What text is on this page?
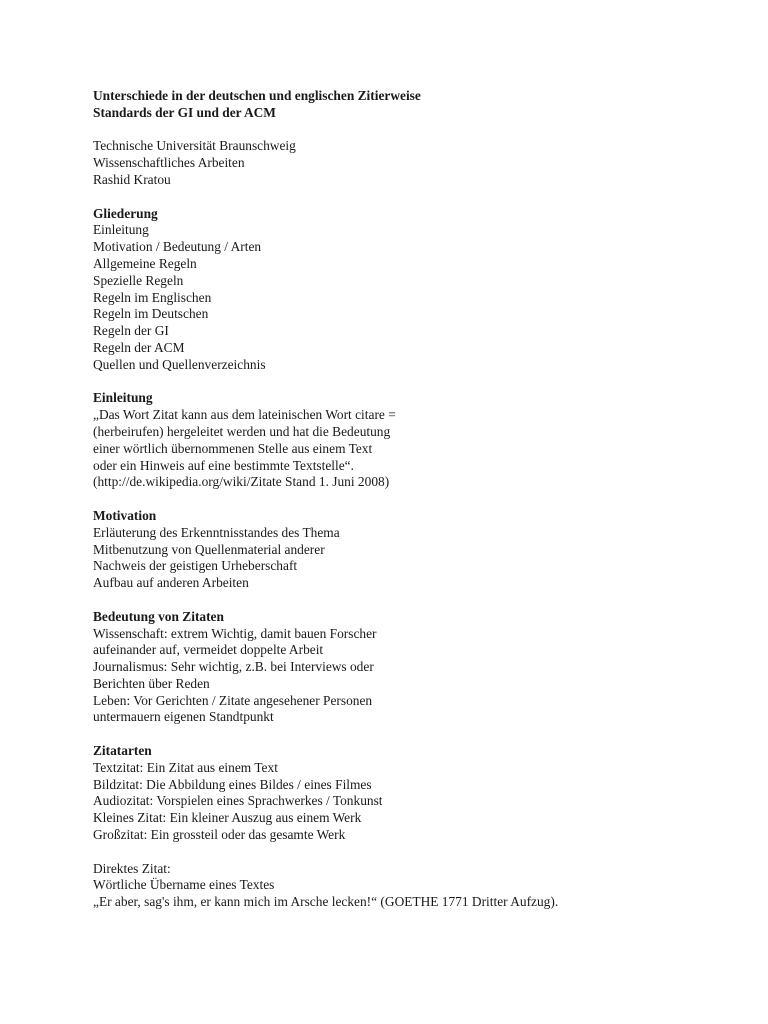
Unterschiede in der deutschen und englischen Zitierweise
Standards der GI und der ACM
Technische Universität Braunschweig
Wissenschaftliches Arbeiten
Rashid Kratou
Gliederung
Einleitung
Motivation / Bedeutung / Arten
Allgemeine Regeln
Spezielle Regeln
Regeln im Englischen
Regeln im Deutschen
Regeln der GI
Regeln der ACM
Quellen und Quellenverzeichnis
Einleitung
„Das Wort Zitat kann aus dem lateinischen Wort citare =
(herbeirufen) hergeleitet werden und hat die Bedeutung
einer wörtlich übernommenen Stelle aus einem Text
oder ein Hinweis auf eine bestimmte Textstelle“.
(http://de.wikipedia.org/wiki/Zitate Stand 1. Juni 2008)
Motivation
Erläuterung des Erkenntnisstandes des Thema
Mitbenutzung von Quellenmaterial anderer
Nachweis der geistigen Urheberschaft
Aufbau auf anderen Arbeiten
Bedeutung von Zitaten
Wissenschaft: extrem Wichtig, damit bauen Forscher
aufeinander auf, vermeidet doppelte Arbeit
Journalismus: Sehr wichtig, z.B. bei Interviews oder
Berichten über Reden
Leben: Vor Gerichten / Zitate angesehener Personen
untermauern eigenen Standtpunkt
Zitatarten
Textzitat: Ein Zitat aus einem Text
Bildzitat: Die Abbildung eines Bildes / eines Filmes
Audiozitat: Vorspielen eines Sprachwerkes / Tonkunst
Kleines Zitat: Ein kleiner Auszug aus einem Werk
Großzitat: Ein grossteil oder das gesamte Werk
Direktes Zitat:
Wörtliche Übername eines Textes
„Er aber, sag's ihm, er kann mich im Arsche lecken!“ (GOETHE 1771 Dritter Aufzug).
